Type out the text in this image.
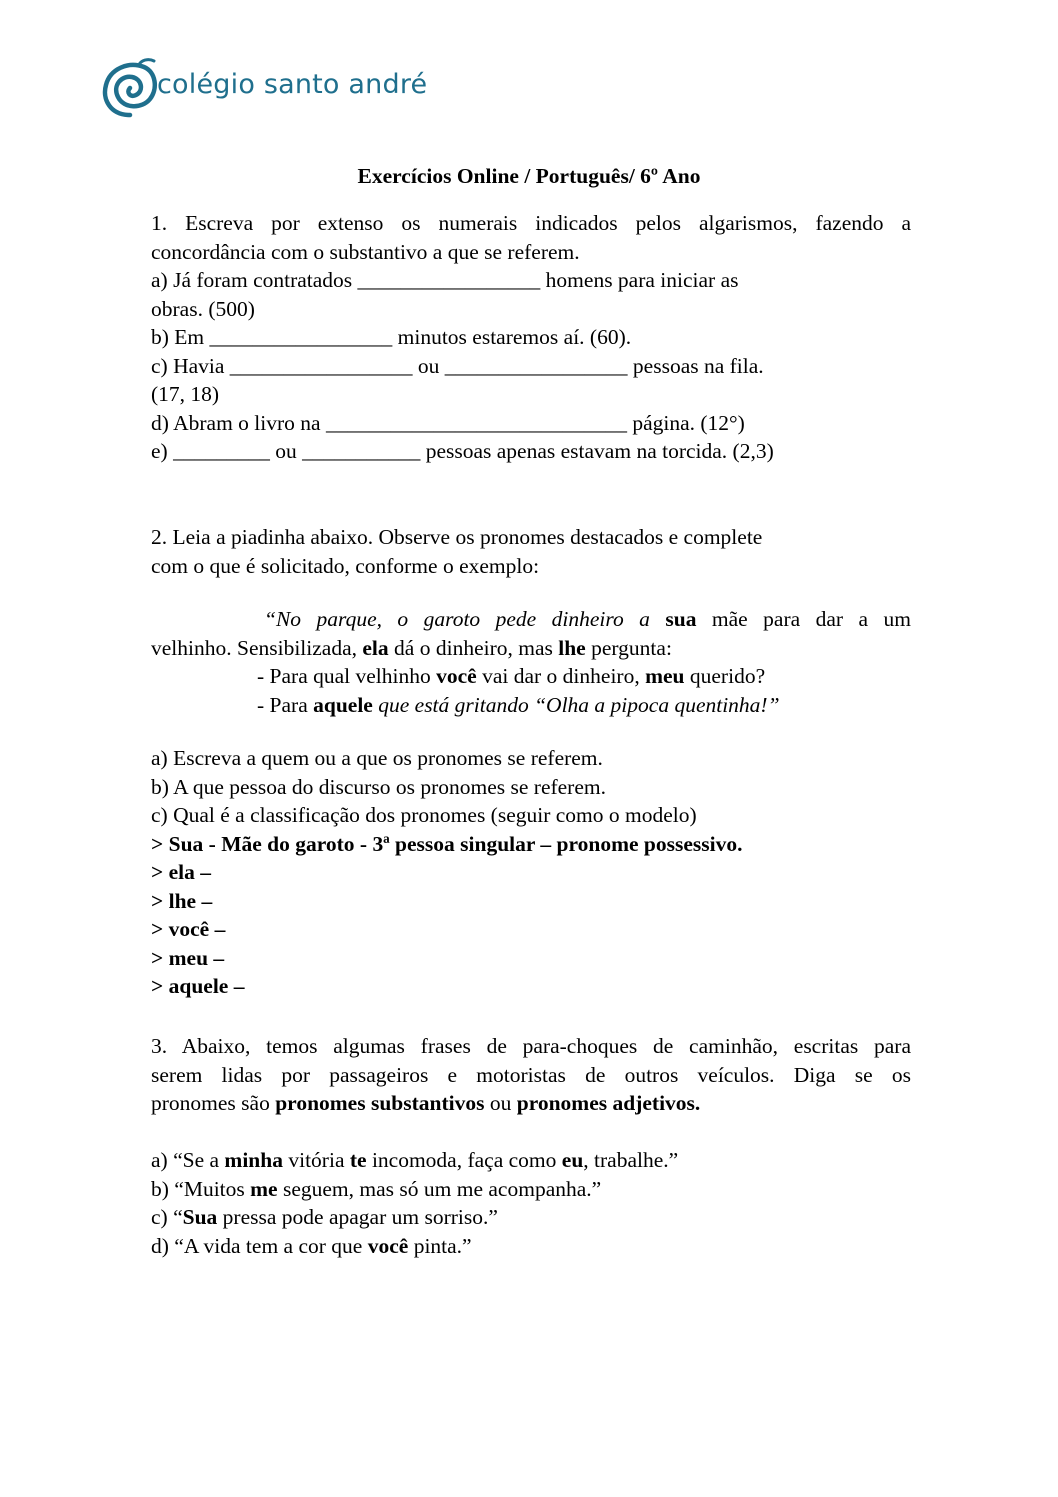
colégio santo andré
Exercícios Online / Português/ 6º Ano
1. Escreva por extenso os numerais indicados pelos algarismos, fazendo a
concordância com o substantivo a que se referem.
a) Já foram contratados _________________ homens para iniciar as
obras. (500)
b) Em _________________ minutos estaremos aí. (60).
c) Havia _________________ ou _________________ pessoas na fila.
(17, 18)
d) Abram o livro na ____________________________ página. (12°)
e) _________ ou ___________ pessoas apenas estavam na torcida. (2,3)
2. Leia a piadinha abaixo. Observe os pronomes destacados e complete
com o que é solicitado, conforme o exemplo:
“No parque, o garoto pede dinheiro a sua mãe para dar a um
velhinho. Sensibilizada, ela dá o dinheiro, mas lhe pergunta:
- Para qual velhinho você vai dar o dinheiro, meu querido?
- Para aquele que está gritando “Olha a pipoca quentinha!”
a) Escreva a quem ou a que os pronomes se referem.
b) A que pessoa do discurso os pronomes se referem.
c) Qual é a classificação dos pronomes (seguir como o modelo)
> Sua - Mãe do garoto - 3ª pessoa singular – pronome possessivo.
> ela –
> lhe –
> você –
> meu –
> aquele –
3. Abaixo, temos algumas frases de para-choques de caminhão, escritas para
serem lidas por passageiros e motoristas de outros veículos. Diga se os
pronomes são pronomes substantivos ou pronomes adjetivos.
a) “Se a minha vitória te incomoda, faça como eu, trabalhe.”
b) “Muitos me seguem, mas só um me acompanha.”
c) “Sua pressa pode apagar um sorriso.”
d) “A vida tem a cor que você pinta.”
